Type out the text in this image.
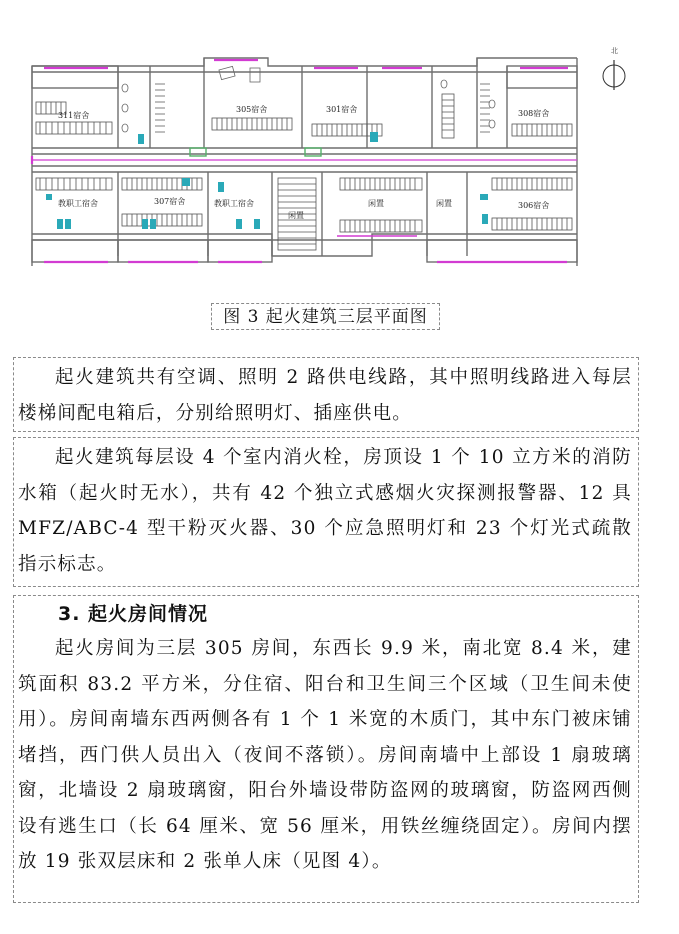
311宿舍
305宿舍	301宿舍	308宿舍
教职工宿舍	307宿舍	教职工宿舍
闲置
闲置	闲置	306宿舍
北
图 3 起火建筑三层平面图

起火建筑共有空调、照明 2 路供电线路，其中照明线路进入每层楼梯间配电箱后，分别给照明灯、插座供电。

起火建筑每层设 4 个室内消火栓，房顶设 1 个 10 立方米的消防水箱（起火时无水），共有 42 个独立式感烟火灾探测报警器、12 具 MFZ/ABC-4 型干粉灭火器、30 个应急照明灯和 23 个灯光式疏散指示标志。

3. 起火房间情况

起火房间为三层 305 房间，东西长 9.9 米，南北宽 8.4 米，建筑面积 83.2 平方米，分住宿、阳台和卫生间三个区域（卫生间未使用）。房间南墙东西两侧各有 1 个 1 米宽的木质门，其中东门被床铺堵挡，西门供人员出入（夜间不落锁）。房间南墙中上部设 1 扇玻璃窗，北墙设 2 扇玻璃窗，阳台外墙设带防盗网的玻璃窗，防盗网西侧设有逃生口（长 64 厘米、宽 56 厘米，用铁丝缠绕固定）。房间内摆放 19 张双层床和 2 张单人床（见图 4）。
